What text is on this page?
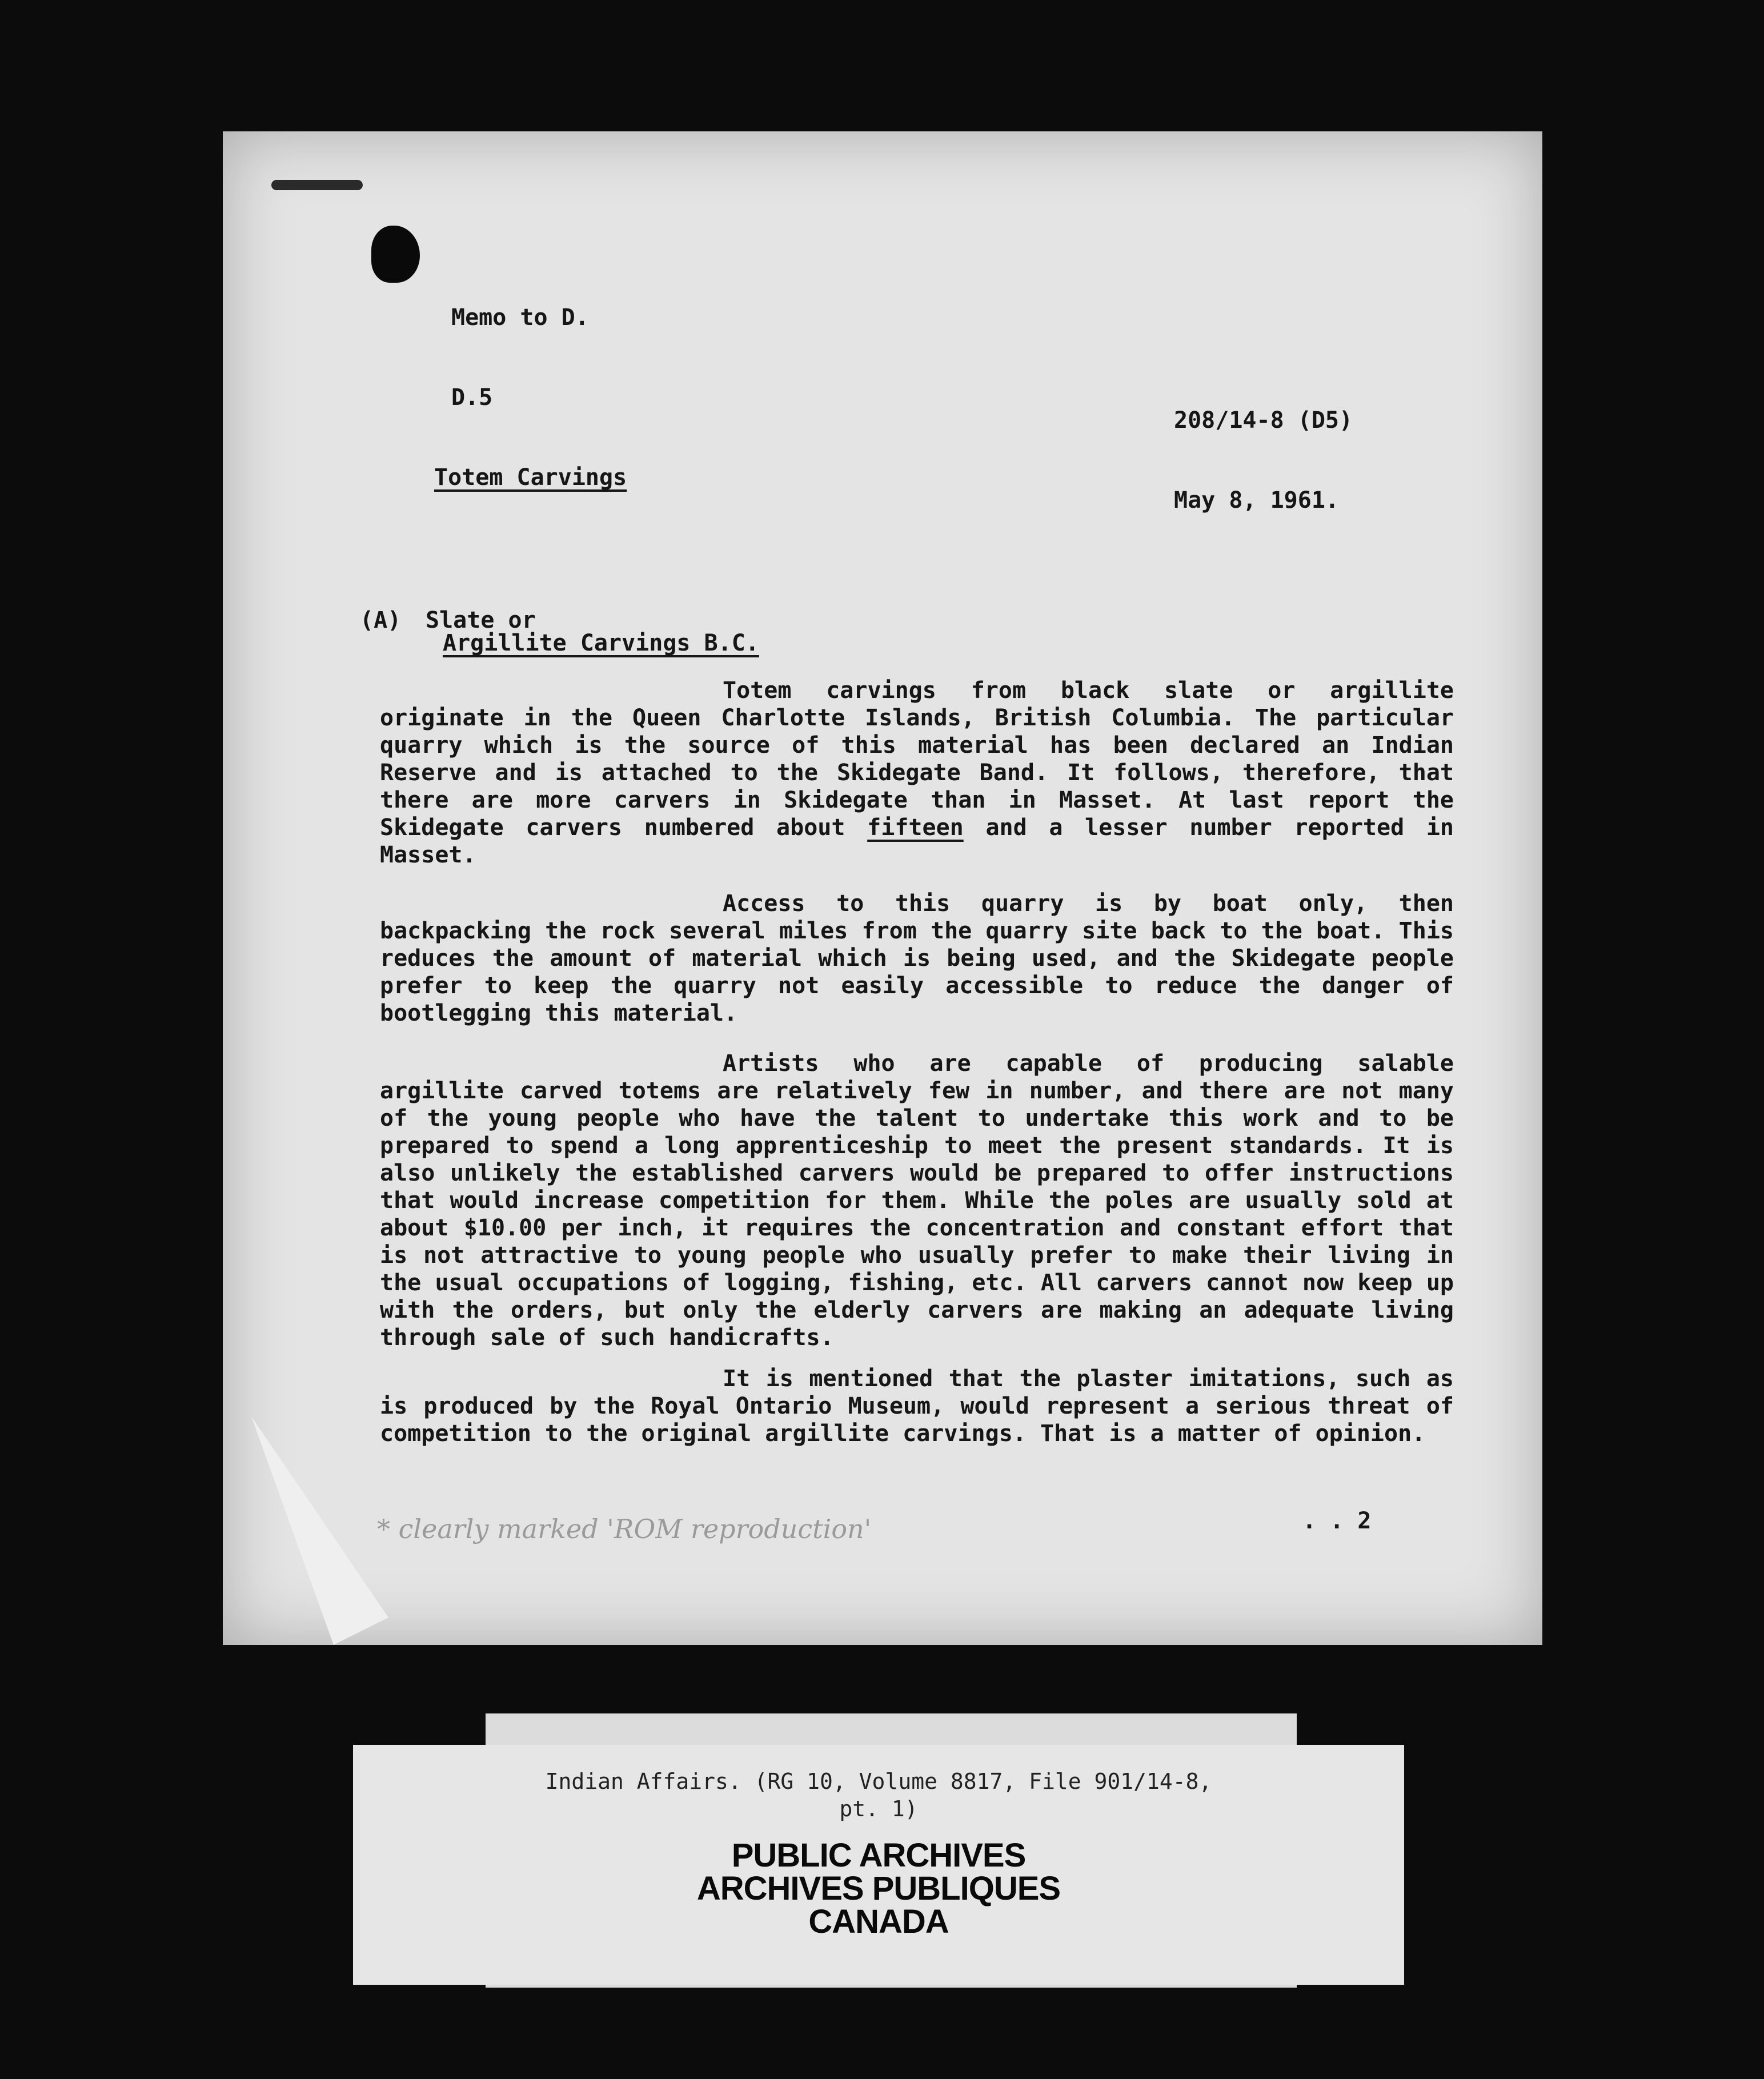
Memo to D.
D.5
208/14-8 (D5)
Totem Carvings
May 8, 1961.
(A) Slate or
Argillite Carvings B.C.
Totem carvings from black slate or argillite originate in the Queen Charlotte Islands, British Columbia. The particular quarry which is the source of this material has been declared an Indian Reserve and is attached to the Skidegate Band. It follows, therefore, that there are more carvers in Skidegate than in Masset. At last report the Skidegate carvers numbered about fifteen and a lesser number reported in Masset.
Access to this quarry is by boat only, then backpacking the rock several miles from the quarry site back to the boat. This reduces the amount of material which is being used, and the Skidegate people prefer to keep the quarry not easily accessible to reduce the danger of bootlegging this material.
Artists who are capable of producing salable argillite carved totems are relatively few in number, and there are not many of the young people who have the talent to undertake this work and to be prepared to spend a long apprenticeship to meet the present standards. It is also unlikely the established carvers would be prepared to offer instructions that would increase competition for them. While the poles are usually sold at about $10.00 per inch, it requires the concentration and constant effort that is not attractive to young people who usually prefer to make their living in the usual occupations of logging, fishing, etc. All carvers cannot now keep up with the orders, but only the elderly carvers are making an adequate living through sale of such handicrafts.
It is mentioned that the plaster imitations, such as is produced by the Royal Ontario Museum, would represent a serious threat of competition to the original argillite carvings. That is a matter of opinion.
* clearly marked 'ROM reproduction'	. . 2
Indian Affairs. (RG 10, Volume 8817, File 901/14-8,
pt. 1)
PUBLIC ARCHIVES
ARCHIVES PUBLIQUES
CANADA
